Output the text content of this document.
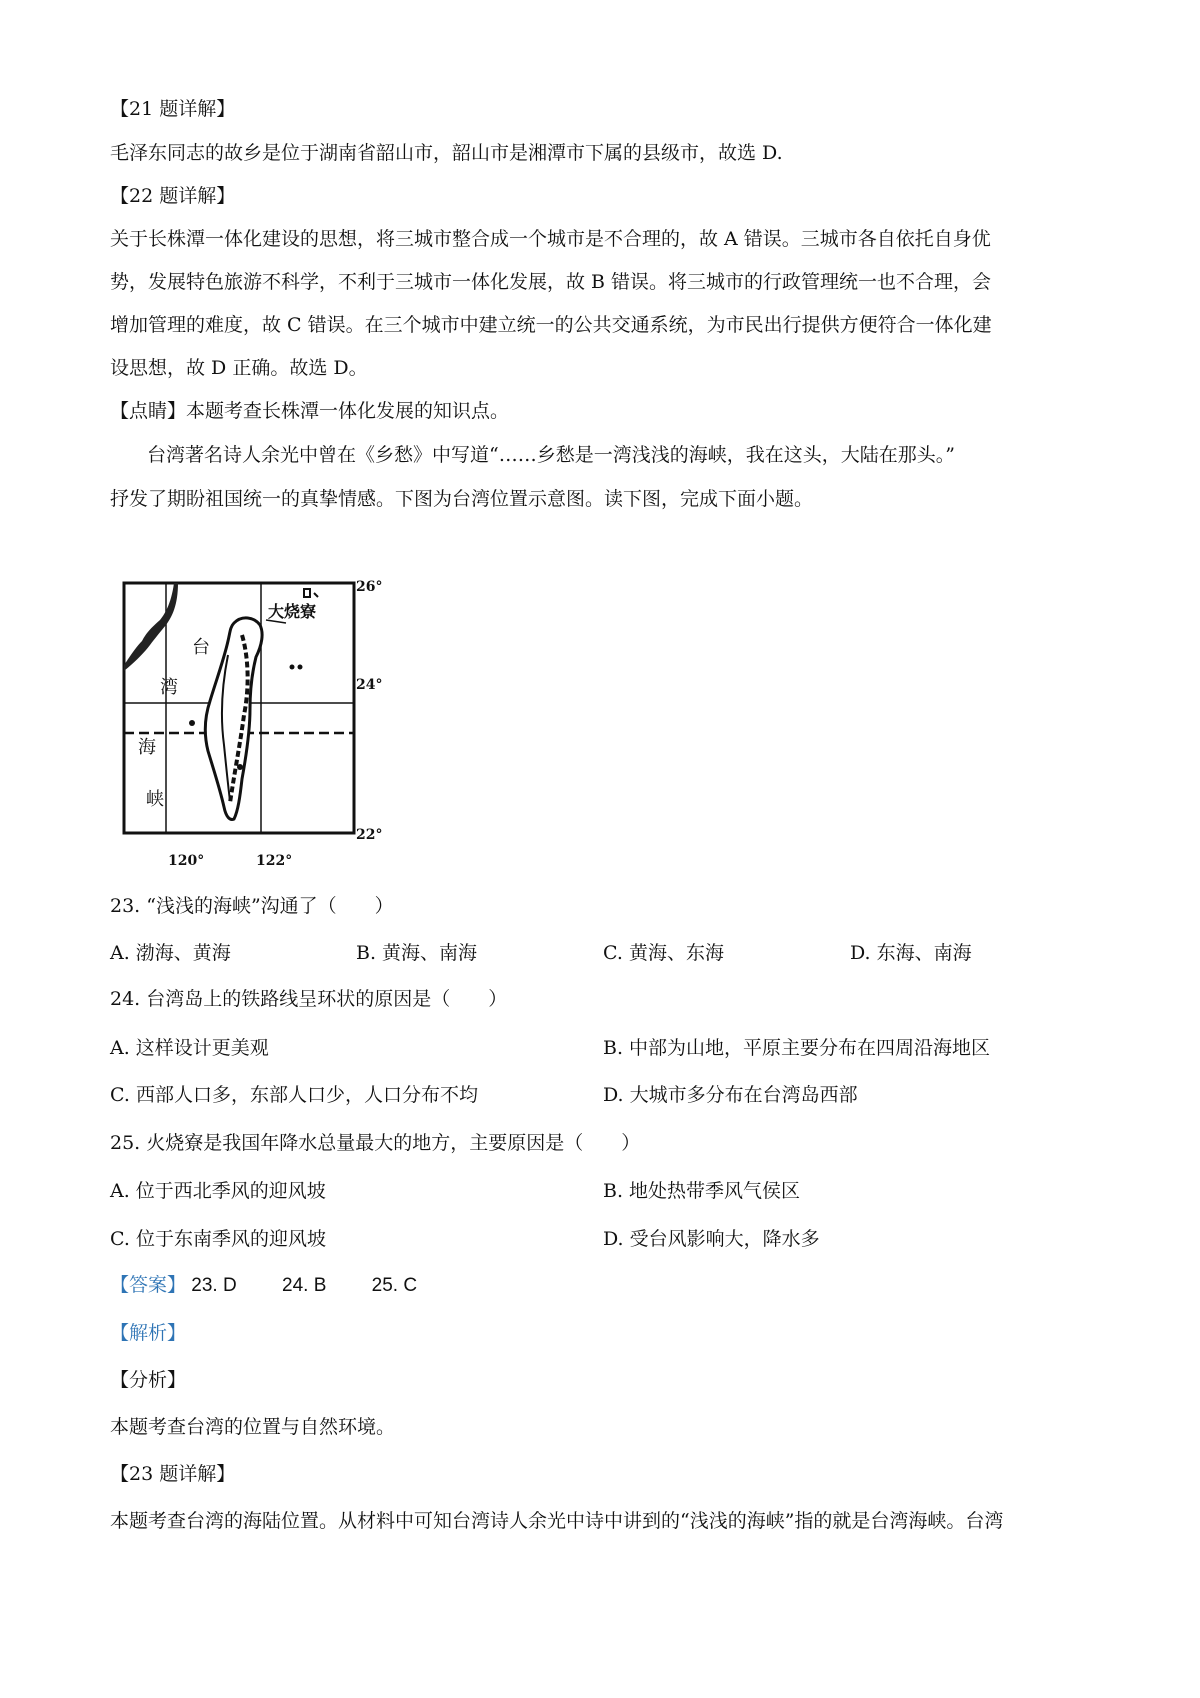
【21 题详解】
毛泽东同志的故乡是位于湖南省韶山市，韶山市是湘潭市下属的县级市，故选 D.
【22 题详解】
关于长株潭一体化建设的思想，将三城市整合成一个城市是不合理的，故 A 错误。三城市各自依托自身优
势，发展特色旅游不科学，不利于三城市一体化发展，故 B 错误。将三城市的行政管理统一也不合理，会
增加管理的难度，故 C 错误。在三个城市中建立统一的公共交通系统，为市民出行提供方便符合一体化建
设思想，故 D 正确。故选 D。
【点睛】本题考查长株潭一体化发展的知识点。
台湾著名诗人余光中曾在《乡愁》中写道“……乡愁是一湾浅浅的海峡，我在这头，大陆在那头。”
抒发了期盼祖国统一的真挚情感。下图为台湾位置示意图。读下图，完成下面小题。
大烧寮
台
湾
海
峡
26°
24°
22°
120°	122°
23. “浅浅的海峡”沟通了（　　）
A. 渤海、黄海	B. 黄海、南海	C. 黄海、东海	D. 东海、南海
24. 台湾岛上的铁路线呈环状的原因是（　　）
A. 这样设计更美观	B. 中部为山地，平原主要分布在四周沿海地区
C. 西部人口多，东部人口少，人口分布不均	D. 大城市多分布在台湾岛西部
25. 火烧寮是我国年降水总量最大的地方，主要原因是（　　）
A. 位于西北季风的迎风坡	B. 地处热带季风气侯区
C. 位于东南季风的迎风坡	D. 受台风影响大，降水多
【答案】 23. D 24. B 25. C
【解析】
【分析】
本题考查台湾的位置与自然环境。
【23 题详解】
本题考查台湾的海陆位置。从材料中可知台湾诗人余光中诗中讲到的“浅浅的海峡”指的就是台湾海峡。台湾
